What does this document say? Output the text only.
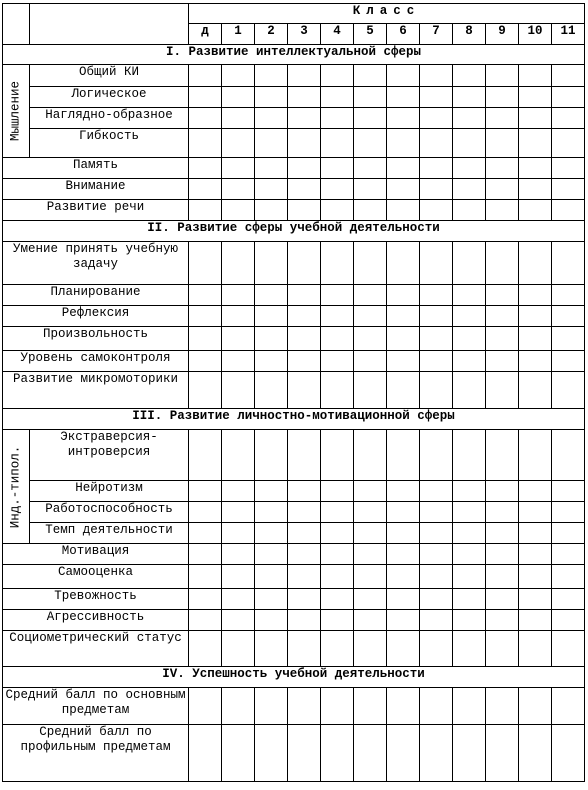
		Класс											
		д	1	2	3	4	5	6	7	8	9	10	11
I. Развитие интеллектуальной сферы													

Мышление	Общий КИ												
	Логическое												
	Наглядно-образное												
	Гибкость												
Память													
Внимание													
Развитие речи													
II. Развитие сферы учебной деятельности													
Умение принять учебную задачу													
Планирование													
Рефлексия													
Произвольность													
Уровень самоконтроля													
Развитие микромоторики													
III. Развитие личностно-мотивационной сферы													

Инд.-типол.	Экстраверсия-интроверсия												
	Нейротизм												
	Работоспособность												
	Темп деятельности												
Мотивация													
Самооценка													
Тревожность													
Агрессивность													
Социометрический статус													
IV. Успешность учебной деятельности													
Средний балл по основным предметам													
Средний балл по профильным предметам													
